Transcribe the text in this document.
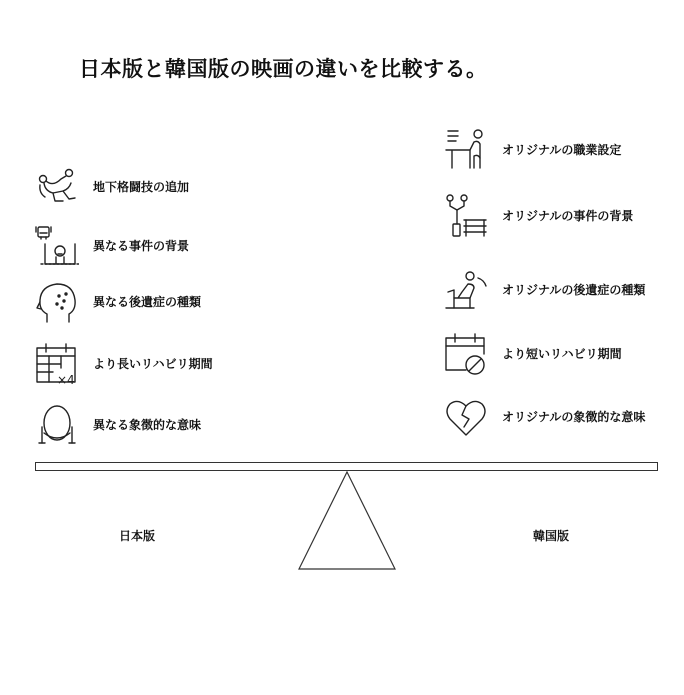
日本版と韓国版の映画の違いを比較する。
地下格闘技の追加
異なる事件の背景
異なる後遺症の種類
×4
より長いリハビリ期間
異なる象徴的な意味
オリジナルの職業設定
オリジナルの事件の背景
オリジナルの後遺症の種類
より短いリハビリ期間
オリジナルの象徴的な意味
日本版	韓国版
